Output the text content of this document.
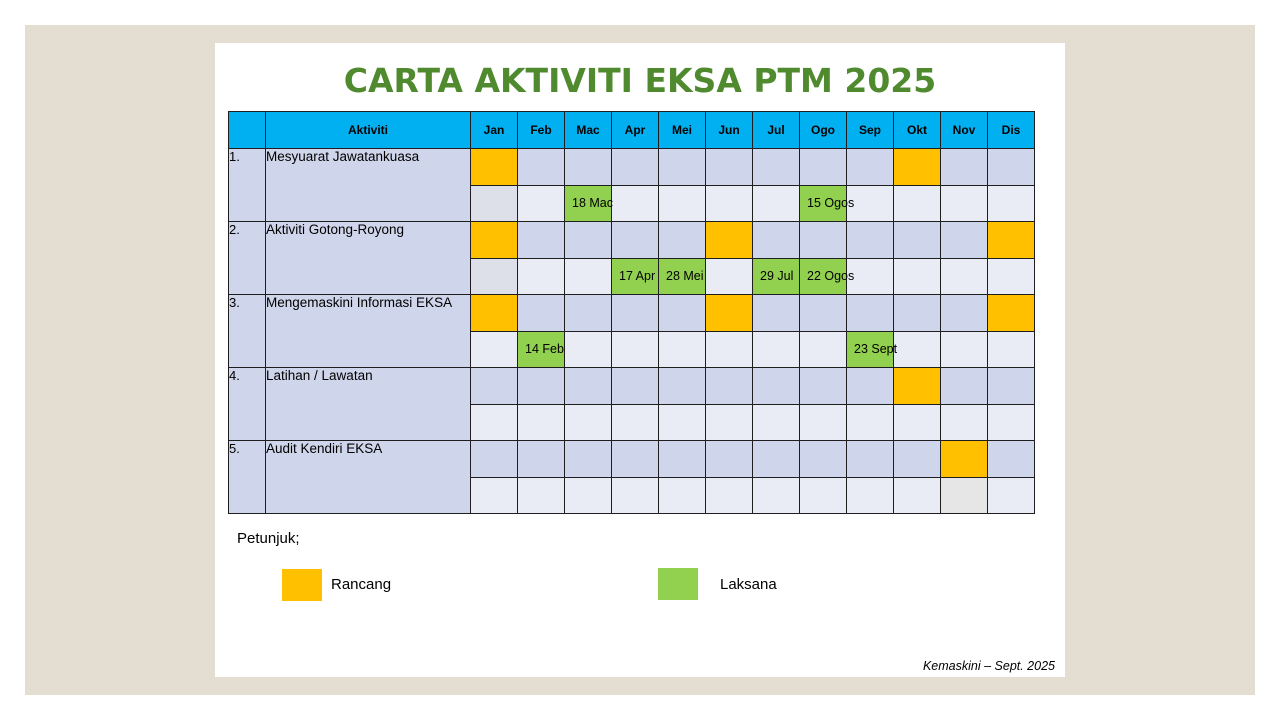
CARTA AKTIVITI EKSA PTM 2025
	Aktiviti	Jan	Feb	Mac	Apr	Mei	Jun	Jul	Ogo	Sep	Okt	Nov	Dis
1.	Mesyuarat Jawatankuasa												

				18 Mac					15 Ogos				

2.	Aktiviti Gotong-Royong												

					17 Apr	28 Mei		29 Jul	22 Ogos				

3.	Mengemaskini Informasi EKSA												

			14 Feb							23 Sept			

4.	Latihan / Lawatan												

5.	Audit Kendiri EKSA												

Petunjuk;
Rancang	Laksana
Kemaskini – Sept. 2025
